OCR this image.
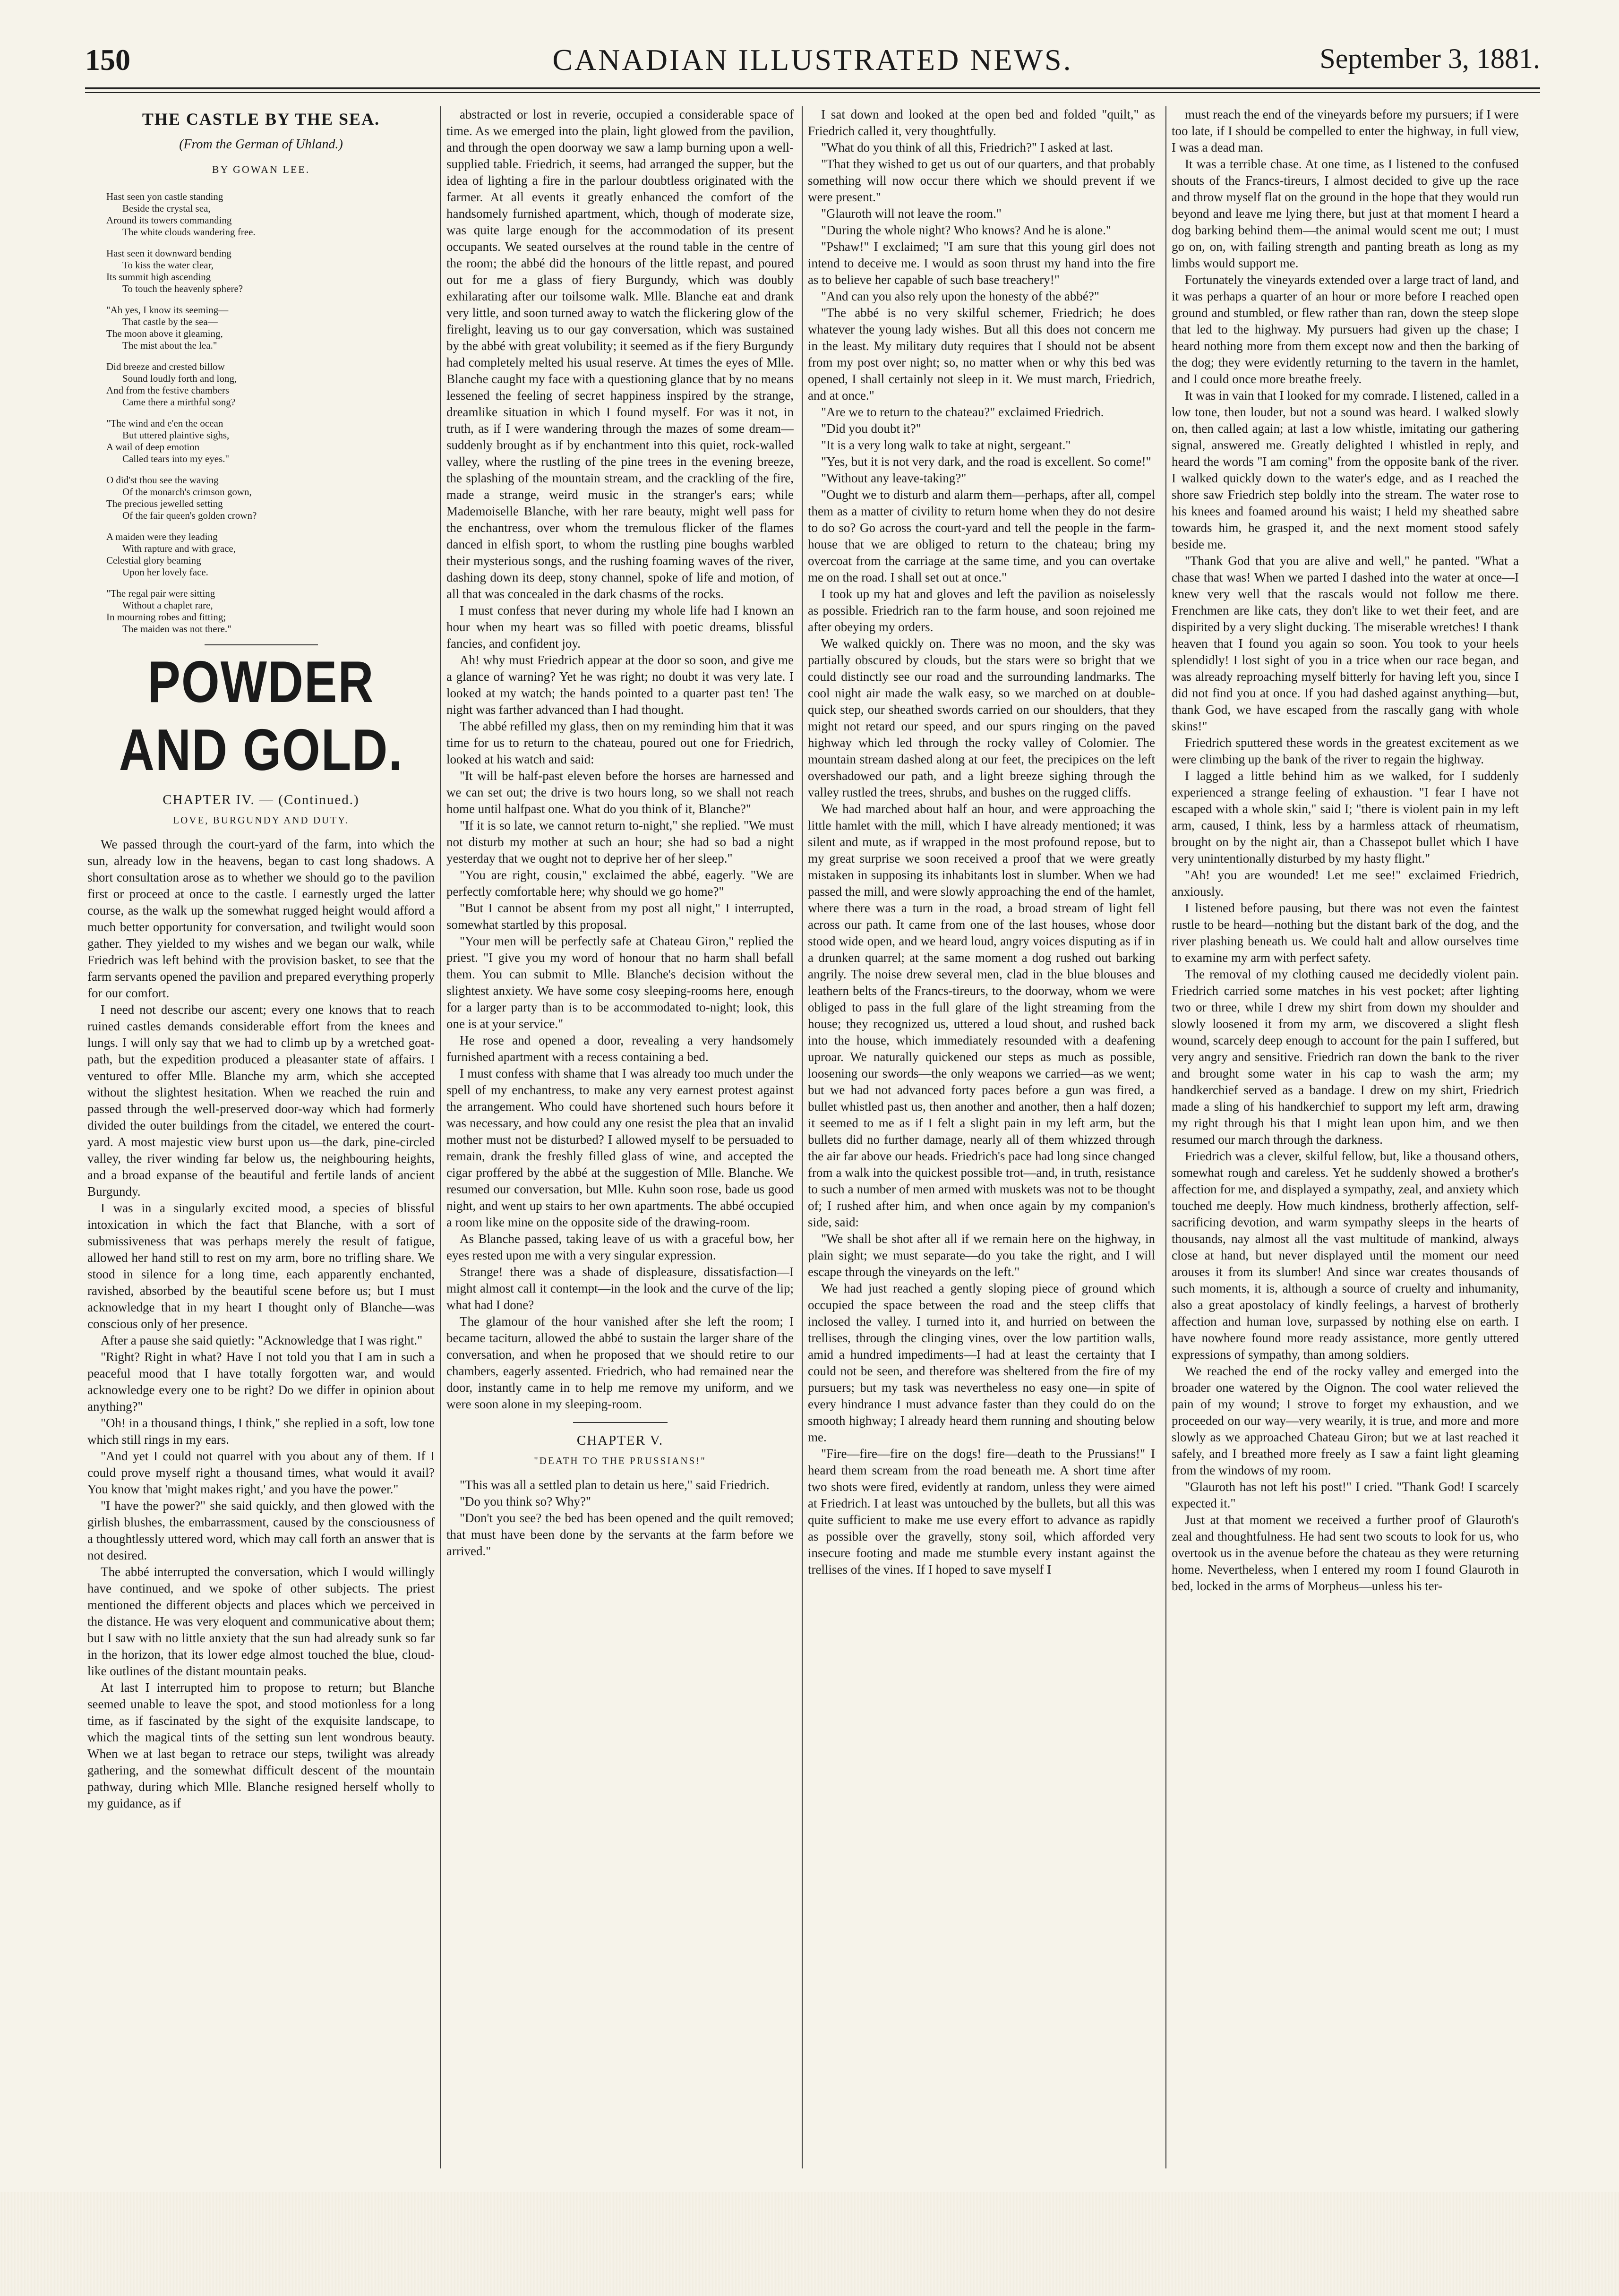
150	CANADIAN ILLUSTRATED NEWS.	September 3, 1881.
THE CASTLE BY THE SEA.
(From the German of Uhland.)
BY GOWAN LEE.
Hast seen yon castle standing
Beside the crystal sea,
Around its towers commanding
The white clouds wandering free.
Hast seen it downward bending
To kiss the water clear,
Its summit high ascending
To touch the heavenly sphere?
"Ah yes, I know its seeming—
That castle by the sea—
The moon above it gleaming,
The mist about the lea."
Did breeze and crested billow
Sound loudly forth and long,
And from the festive chambers
Came there a mirthful song?
"The wind and e'en the ocean
But uttered plaintive sighs,
A wail of deep emotion
Called tears into my eyes."
O did'st thou see the waving
Of the monarch's crimson gown,
The precious jewelled setting
Of the fair queen's golden crown?
A maiden were they leading
With rapture and with grace,
Celestial glory beaming
Upon her lovely face.
"The regal pair were sitting
Without a chaplet rare,
In mourning robes and fitting;
The maiden was not there."
POWDER AND GOLD.
CHAPTER IV. — (Continued.)
LOVE, BURGUNDY AND DUTY.

We passed through the court-yard of the farm, into which the sun, already low in the heavens, began to cast long shadows. A short consultation arose as to whether we should go to the pavilion first or proceed at once to the castle. I earnestly urged the latter course, as the walk up the somewhat rugged height would afford a much better opportunity for conversation, and twilight would soon gather. They yielded to my wishes and we began our walk, while Friedrich was left behind with the provision basket, to see that the farm servants opened the pavilion and prepared everything properly for our comfort.

I need not describe our ascent; every one knows that to reach ruined castles demands considerable effort from the knees and lungs. I will only say that we had to climb up by a wretched goat-path, but the expedition produced a pleasanter state of affairs. I ventured to offer Mlle. Blanche my arm, which she accepted without the slightest hesitation. When we reached the ruin and passed through the well-preserved door-way which had formerly divided the outer buildings from the citadel, we entered the court-yard. A most majestic view burst upon us—the dark, pine-circled valley, the river winding far below us, the neighbouring heights, and a broad expanse of the beautiful and fertile lands of ancient Burgundy.

I was in a singularly excited mood, a species of blissful intoxication in which the fact that Blanche, with a sort of submissiveness that was perhaps merely the result of fatigue, allowed her hand still to rest on my arm, bore no trifling share. We stood in silence for a long time, each apparently enchanted, ravished, absorbed by the beautiful scene before us; but I must acknowledge that in my heart I thought only of Blanche—was conscious only of her presence.

After a pause she said quietly: "Acknowledge that I was right."

"Right? Right in what? Have I not told you that I am in such a peaceful mood that I have totally forgotten war, and would acknowledge every one to be right? Do we differ in opinion about anything?"

"Oh! in a thousand things, I think," she replied in a soft, low tone which still rings in my ears.

"And yet I could not quarrel with you about any of them. If I could prove myself right a thousand times, what would it avail? You know that 'might makes right,' and you have the power."

"I have the power?" she said quickly, and then glowed with the girlish blushes, the embarrassment, caused by the consciousness of a thoughtlessly uttered word, which may call forth an answer that is not desired.

The abbé interrupted the conversation, which I would willingly have continued, and we spoke of other subjects. The priest mentioned the different objects and places which we perceived in the distance. He was very eloquent and communicative about them; but I saw with no little anxiety that the sun had already sunk so far in the horizon, that its lower edge almost touched the blue, cloud-like outlines of the distant mountain peaks.

At last I interrupted him to propose to return; but Blanche seemed unable to leave the spot, and stood motionless for a long time, as if fascinated by the sight of the exquisite landscape, to which the magical tints of the setting sun lent wondrous beauty. When we at last began to retrace our steps, twilight was already gathering, and the somewhat difficult descent of the mountain pathway, during which Mlle. Blanche resigned herself wholly to my guidance, as if

abstracted or lost in reverie, occupied a considerable space of time. As we emerged into the plain, light glowed from the pavilion, and through the open doorway we saw a lamp burning upon a well-supplied table. Friedrich, it seems, had arranged the supper, but the idea of lighting a fire in the parlour doubtless originated with the farmer. At all events it greatly enhanced the comfort of the handsomely furnished apartment, which, though of moderate size, was quite large enough for the accommodation of its present occupants. We seated ourselves at the round table in the centre of the room; the abbé did the honours of the little repast, and poured out for me a glass of fiery Burgundy, which was doubly exhilarating after our toilsome walk. Mlle. Blanche eat and drank very little, and soon turned away to watch the flickering glow of the firelight, leaving us to our gay conversation, which was sustained by the abbé with great volubility; it seemed as if the fiery Burgundy had completely melted his usual reserve. At times the eyes of Mlle. Blanche caught my face with a questioning glance that by no means lessened the feeling of secret happiness inspired by the strange, dreamlike situation in which I found myself. For was it not, in truth, as if I were wandering through the mazes of some dream—suddenly brought as if by enchantment into this quiet, rock-walled valley, where the rustling of the pine trees in the evening breeze, the splashing of the mountain stream, and the crackling of the fire, made a strange, weird music in the stranger's ears; while Mademoiselle Blanche, with her rare beauty, might well pass for the enchantress, over whom the tremulous flicker of the flames danced in elfish sport, to whom the rustling pine boughs warbled their mysterious songs, and the rushing foaming waves of the river, dashing down its deep, stony channel, spoke of life and motion, of all that was concealed in the dark chasms of the rocks.

I must confess that never during my whole life had I known an hour when my heart was so filled with poetic dreams, blissful fancies, and confident joy.

Ah! why must Friedrich appear at the door so soon, and give me a glance of warning? Yet he was right; no doubt it was very late. I looked at my watch; the hands pointed to a quarter past ten! The night was farther advanced than I had thought.

The abbé refilled my glass, then on my reminding him that it was time for us to return to the chateau, poured out one for Friedrich, looked at his watch and said:

"It will be half-past eleven before the horses are harnessed and we can set out; the drive is two hours long, so we shall not reach home until halfpast one. What do you think of it, Blanche?"

"If it is so late, we cannot return to-night," she replied. "We must not disturb my mother at such an hour; she had so bad a night yesterday that we ought not to deprive her of her sleep."

"You are right, cousin," exclaimed the abbé, eagerly. "We are perfectly comfortable here; why should we go home?"

"But I cannot be absent from my post all night," I interrupted, somewhat startled by this proposal.

"Your men will be perfectly safe at Chateau Giron," replied the priest. "I give you my word of honour that no harm shall befall them. You can submit to Mlle. Blanche's decision without the slightest anxiety. We have some cosy sleeping-rooms here, enough for a larger party than is to be accommodated to-night; look, this one is at your service."

He rose and opened a door, revealing a very handsomely furnished apartment with a recess containing a bed.

I must confess with shame that I was already too much under the spell of my enchantress, to make any very earnest protest against the arrangement. Who could have shortened such hours before it was necessary, and how could any one resist the plea that an invalid mother must not be disturbed? I allowed myself to be persuaded to remain, drank the freshly filled glass of wine, and accepted the cigar proffered by the abbé at the suggestion of Mlle. Blanche. We resumed our conversation, but Mlle. Kuhn soon rose, bade us good night, and went up stairs to her own apartments. The abbé occupied a room like mine on the opposite side of the drawing-room.

As Blanche passed, taking leave of us with a graceful bow, her eyes rested upon me with a very singular expression.

Strange! there was a shade of displeasure, dissatisfaction—I might almost call it contempt—in the look and the curve of the lip; what had I done?

The glamour of the hour vanished after she left the room; I became taciturn, allowed the abbé to sustain the larger share of the conversation, and when he proposed that we should retire to our chambers, eagerly assented. Friedrich, who had remained near the door, instantly came in to help me remove my uniform, and we were soon alone in my sleeping-room.

CHAPTER V.
"DEATH TO THE PRUSSIANS!"

"This was all a settled plan to detain us here," said Friedrich.

"Do you think so? Why?"

"Don't you see? the bed has been opened and the quilt removed; that must have been done by the servants at the farm before we arrived."

I sat down and looked at the open bed and folded "quilt," as Friedrich called it, very thoughtfully.

"What do you think of all this, Friedrich?" I asked at last.

"That they wished to get us out of our quarters, and that probably something will now occur there which we should prevent if we were present."

"Glauroth will not leave the room."

"During the whole night? Who knows? And he is alone."

"Pshaw!" I exclaimed; "I am sure that this young girl does not intend to deceive me. I would as soon thrust my hand into the fire as to believe her capable of such base treachery!"

"And can you also rely upon the honesty of the abbé?"

"The abbé is no very skilful schemer, Friedrich; he does whatever the young lady wishes. But all this does not concern me in the least. My military duty requires that I should not be absent from my post over night; so, no matter when or why this bed was opened, I shall certainly not sleep in it. We must march, Friedrich, and at once."

"Are we to return to the chateau?" exclaimed Friedrich.

"Did you doubt it?"

"It is a very long walk to take at night, sergeant."

"Yes, but it is not very dark, and the road is excellent. So come!"

"Without any leave-taking?"

"Ought we to disturb and alarm them—perhaps, after all, compel them as a matter of civility to return home when they do not desire to do so? Go across the court-yard and tell the people in the farm-house that we are obliged to return to the chateau; bring my overcoat from the carriage at the same time, and you can overtake me on the road. I shall set out at once."

I took up my hat and gloves and left the pavilion as noiselessly as possible. Friedrich ran to the farm house, and soon rejoined me after obeying my orders.

We walked quickly on. There was no moon, and the sky was partially obscured by clouds, but the stars were so bright that we could distinctly see our road and the surrounding landmarks. The cool night air made the walk easy, so we marched on at double-quick step, our sheathed swords carried on our shoulders, that they might not retard our speed, and our spurs ringing on the paved highway which led through the rocky valley of Colomier. The mountain stream dashed along at our feet, the precipices on the left overshadowed our path, and a light breeze sighing through the valley rustled the trees, shrubs, and bushes on the rugged cliffs.

We had marched about half an hour, and were approaching the little hamlet with the mill, which I have already mentioned; it was silent and mute, as if wrapped in the most profound repose, but to my great surprise we soon received a proof that we were greatly mistaken in supposing its inhabitants lost in slumber. When we had passed the mill, and were slowly approaching the end of the hamlet, where there was a turn in the road, a broad stream of light fell across our path. It came from one of the last houses, whose door stood wide open, and we heard loud, angry voices disputing as if in a drunken quarrel; at the same moment a dog rushed out barking angrily. The noise drew several men, clad in the blue blouses and leathern belts of the Francs-tireurs, to the doorway, whom we were obliged to pass in the full glare of the light streaming from the house; they recognized us, uttered a loud shout, and rushed back into the house, which immediately resounded with a deafening uproar. We naturally quickened our steps as much as possible, loosening our swords—the only weapons we carried—as we went; but we had not advanced forty paces before a gun was fired, a bullet whistled past us, then another and another, then a half dozen; it seemed to me as if I felt a slight pain in my left arm, but the bullets did no further damage, nearly all of them whizzed through the air far above our heads. Friedrich's pace had long since changed from a walk into the quickest possible trot—and, in truth, resistance to such a number of men armed with muskets was not to be thought of; I rushed after him, and when once again by my companion's side, said:

"We shall be shot after all if we remain here on the highway, in plain sight; we must separate—do you take the right, and I will escape through the vineyards on the left."

We had just reached a gently sloping piece of ground which occupied the space between the road and the steep cliffs that inclosed the valley. I turned into it, and hurried on between the trellises, through the clinging vines, over the low partition walls, amid a hundred impediments—I had at least the certainty that I could not be seen, and therefore was sheltered from the fire of my pursuers; but my task was nevertheless no easy one—in spite of every hindrance I must advance faster than they could do on the smooth highway; I already heard them running and shouting below me.

"Fire—fire—fire on the dogs! fire—death to the Prussians!" I heard them scream from the road beneath me. A short time after two shots were fired, evidently at random, unless they were aimed at Friedrich. I at least was untouched by the bullets, but all this was quite sufficient to make me use every effort to advance as rapidly as possible over the gravelly, stony soil, which afforded very insecure footing and made me stumble every instant against the trellises of the vines. If I hoped to save myself I

must reach the end of the vineyards before my pursuers; if I were too late, if I should be compelled to enter the highway, in full view, I was a dead man.

It was a terrible chase. At one time, as I listened to the confused shouts of the Francs-tireurs, I almost decided to give up the race and throw myself flat on the ground in the hope that they would run beyond and leave me lying there, but just at that moment I heard a dog barking behind them—the animal would scent me out; I must go on, on, with failing strength and panting breath as long as my limbs would support me.

Fortunately the vineyards extended over a large tract of land, and it was perhaps a quarter of an hour or more before I reached open ground and stumbled, or flew rather than ran, down the steep slope that led to the highway. My pursuers had given up the chase; I heard nothing more from them except now and then the barking of the dog; they were evidently returning to the tavern in the hamlet, and I could once more breathe freely.

It was in vain that I looked for my comrade. I listened, called in a low tone, then louder, but not a sound was heard. I walked slowly on, then called again; at last a low whistle, imitating our gathering signal, answered me. Greatly delighted I whistled in reply, and heard the words "I am coming" from the opposite bank of the river. I walked quickly down to the water's edge, and as I reached the shore saw Friedrich step boldly into the stream. The water rose to his knees and foamed around his waist; I held my sheathed sabre towards him, he grasped it, and the next moment stood safely beside me.

"Thank God that you are alive and well," he panted. "What a chase that was! When we parted I dashed into the water at once—I knew very well that the rascals would not follow me there. Frenchmen are like cats, they don't like to wet their feet, and are dispirited by a very slight ducking. The miserable wretches! I thank heaven that I found you again so soon. You took to your heels splendidly! I lost sight of you in a trice when our race began, and was already reproaching myself bitterly for having left you, since I did not find you at once. If you had dashed against anything—but, thank God, we have escaped from the rascally gang with whole skins!"

Friedrich sputtered these words in the greatest excitement as we were climbing up the bank of the river to regain the highway.

I lagged a little behind him as we walked, for I suddenly experienced a strange feeling of exhaustion. "I fear I have not escaped with a whole skin," said I; "there is violent pain in my left arm, caused, I think, less by a harmless attack of rheumatism, brought on by the night air, than a Chassepot bullet which I have very unintentionally disturbed by my hasty flight."

"Ah! you are wounded! Let me see!" exclaimed Friedrich, anxiously.

I listened before pausing, but there was not even the faintest rustle to be heard—nothing but the distant bark of the dog, and the river plashing beneath us. We could halt and allow ourselves time to examine my arm with perfect safety.

The removal of my clothing caused me decidedly violent pain. Friedrich carried some matches in his vest pocket; after lighting two or three, while I drew my shirt from down my shoulder and slowly loosened it from my arm, we discovered a slight flesh wound, scarcely deep enough to account for the pain I suffered, but very angry and sensitive. Friedrich ran down the bank to the river and brought some water in his cap to wash the arm; my handkerchief served as a bandage. I drew on my shirt, Friedrich made a sling of his handkerchief to support my left arm, drawing my right through his that I might lean upon him, and we then resumed our march through the darkness.

Friedrich was a clever, skilful fellow, but, like a thousand others, somewhat rough and careless. Yet he suddenly showed a brother's affection for me, and displayed a sympathy, zeal, and anxiety which touched me deeply. How much kindness, brotherly affection, self-sacrificing devotion, and warm sympathy sleeps in the hearts of thousands, nay almost all the vast multitude of mankind, always close at hand, but never displayed until the moment our need arouses it from its slumber! And since war creates thousands of such moments, it is, although a source of cruelty and inhumanity, also a great apostolacy of kindly feelings, a harvest of brotherly affection and human love, surpassed by nothing else on earth. I have nowhere found more ready assistance, more gently uttered expressions of sympathy, than among soldiers.

We reached the end of the rocky valley and emerged into the broader one watered by the Oignon. The cool water relieved the pain of my wound; I strove to forget my exhaustion, and we proceeded on our way—very wearily, it is true, and more and more slowly as we approached Chateau Giron; but we at last reached it safely, and I breathed more freely as I saw a faint light gleaming from the windows of my room.

"Glauroth has not left his post!" I cried. "Thank God! I scarcely expected it."

Just at that moment we received a further proof of Glauroth's zeal and thoughtfulness. He had sent two scouts to look for us, who overtook us in the avenue before the chateau as they were returning home. Nevertheless, when I entered my room I found Glauroth in bed, locked in the arms of Morpheus—unless his ter-
